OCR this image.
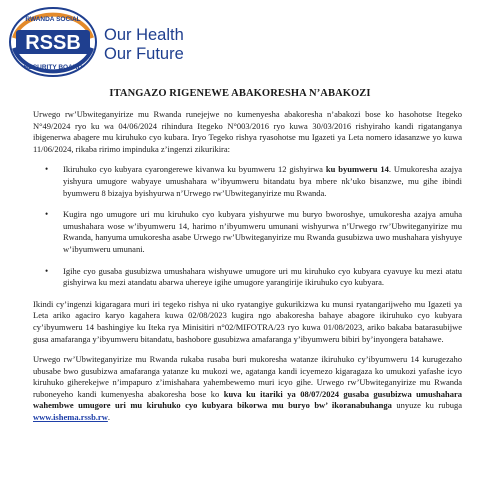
RSSB
RWANDA SOCIAL
SECURITY BOARD
Our Health
Our Future
ITANGAZO RIGENEWE ABAKORESHA N’ABAKOZI

Urwego rw’Ubwiteganyirize mu Rwanda runejejwe no kumenyesha abakoresha n’abakozi bose ko hasohotse Itegeko N°49/2024 ryo ku wa 04/06/2024 rihindura Itegeko N°003/2016 ryo kuwa 30/03/2016 rishyiraho kandi rigatanganya ibigenerwa abagere mu kiruhuko cyo kubara. Iryo Tegeko rishya ryasohotse mu Igazeti ya Leta nomero idasanzwe yo kuwa 11/06/2024, rikaba ririmo impinduka z’ingenzi zikurikira:

• Ikiruhuko cyo kubyara cyarongerewe kivanwa ku byumweru 12 gishyirwa ku byumweru 14. Umukoresha azajya yishyura umugore wabyaye umushahara w’ibyumweru bitandatu bya mbere nk’uko bisanzwe, mu gihe ibindi byumweru 8 bizajya byishyurwa n’Urwego rw’Ubwiteganyirize mu Rwanda.
• Kugira ngo umugore uri mu kiruhuko cyo kubyara yishyurwe mu buryo bworoshye, umukoresha azajya amuha umushahara wose w’ibyumweru 14, harimo n’ibyumweru umunani wishyurwa n’Urwego rw’Ubwiteganyirize mu Rwanda, hanyuma umukoresha asabe Urwego rw’Ubwiteganyirize mu Rwanda gusubizwa uwo mushahara yishyuye w’ibyumweru umunani.
• Igihe cyo gusaba gusubizwa umushahara wishyuwe umugore uri mu kiruhuko cyo kubyara cyavuye ku mezi atatu gishyirwa ku mezi atandatu abarwa uhereye igihe umugore yarangirije ikiruhuko cyo kubyara.

Ikindi cy’ingenzi kigaragara muri iri tegeko rishya ni uko ryatangiye gukurikizwa ku munsi ryatangarijweho mu Igazeti ya Leta ariko agaciro karyo kagahera kuwa 02/08/2023 kugira ngo abakoresha bahaye abagore ikiruhuko cyo kubyara cy’ibyumweru 14 bashingiye ku Iteka rya Minisitiri n°02/MIFOTRA/23 ryo kuwa 01/08/2023, ariko bakaba batarasubijwe gusa amafaranga y’ibyumweru bitandatu, bashobore gusubizwa amafaranga y’ibyumweru bibiri by’inyongera batahawe.

Urwego rw’Ubwiteganyirize mu Rwanda rukaba rusaba buri mukoresha watanze ikiruhuko cy’ibyumweru 14 kurugezaho ubusabe bwo gusubizwa amafaranga yatanze ku mukozi we, agatanga kandi icyemezo kigaragaza ko umukozi yafashe icyo kiruhuko giherekejwe n’impapuro z’imishahara yahembewemo muri icyo gihe. Urwego rw’Ubwiteganyirize mu Rwanda ruboneyeho kandi kumenyesha abakoresha bose ko kuva ku itariki ya 08/07/2024 gusaba gusubizwa umushahara wahembwe umugore uri mu kiruhuko cyo kubyara bikorwa mu buryo bw’ ikoranabuhanga unyuze ku rubuga www.ishema.rssb.rw.
